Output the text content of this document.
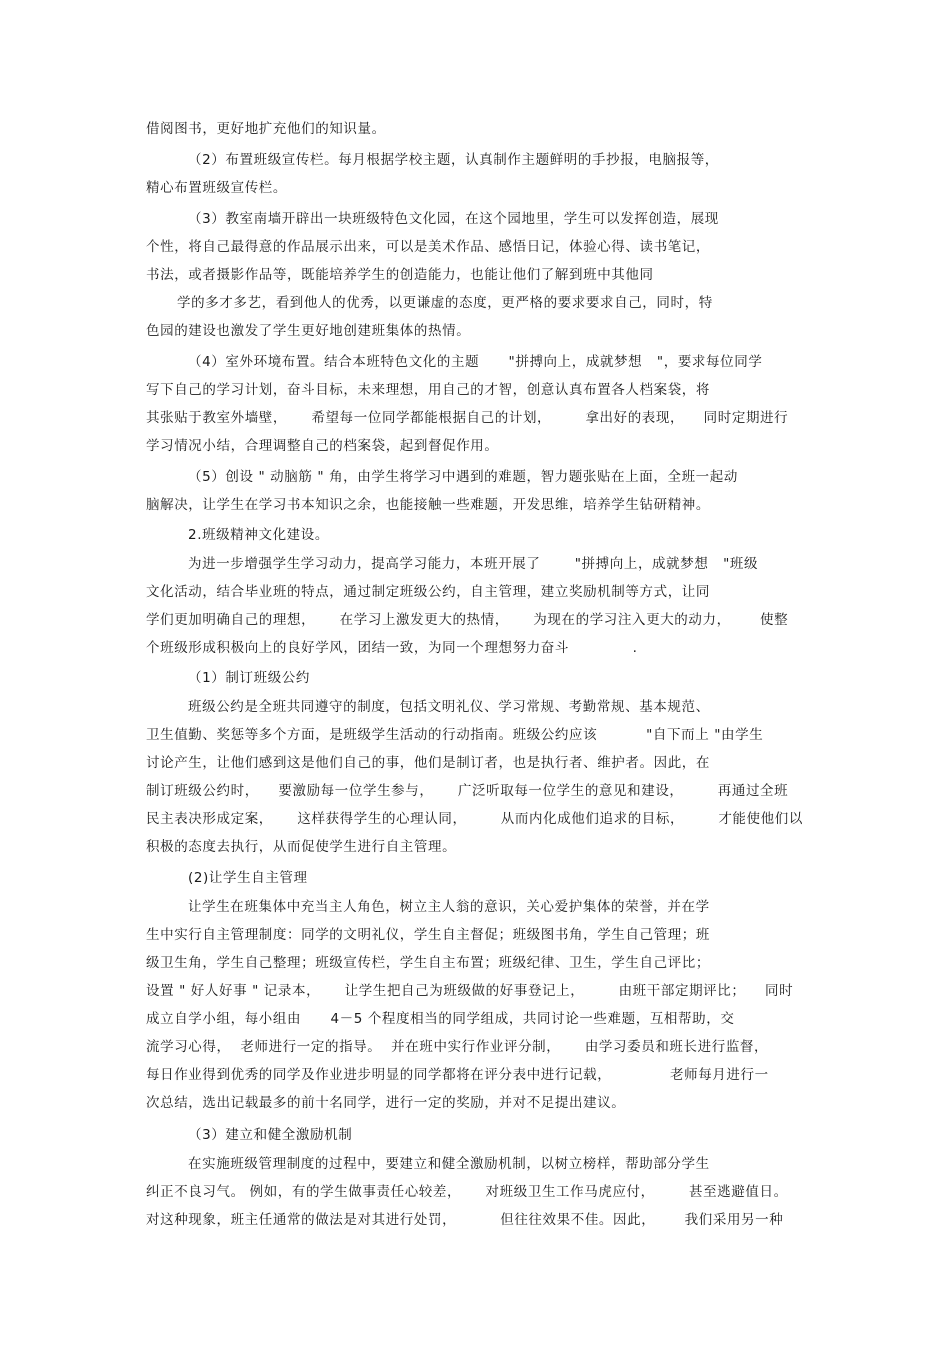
借阅图书，更好地扩充他们的知识量。
（2）布置班级宣传栏。每月根据学校主题，认真制作主题鲜明的手抄报，电脑报等，
精心布置班级宣传栏。
（3）教室南墙开辟出一块班级特色文化园，在这个园地里，学生可以发挥创造，展现
个性，将自己最得意的作品展示出来，可以是美术作品、感悟日记，体验心得、读书笔记，
书法，或者摄影作品等，既能培养学生的创造能力，也能让他们了解到班中其他同
学的多才多艺，看到他人的优秀，以更谦虚的态度，更严格的要求要求自己，同时，特
色园的建设也激发了学生更好地创建班集体的热情。
（4）室外环境布置。结合本班特色文化的主题      "拼搏向上，成就梦想   "，要求每位同学
写下自己的学习计划，奋斗目标，未来理想，用自己的才智，创意认真布置各人档案袋，将
其张贴于教室外墙壁，     希望每一位同学都能根据自己的计划，       拿出好的表现，    同时定期进行
学习情况小结，合理调整自己的档案袋，起到督促作用。
（5）创设 " 动脑筋 " 角，由学生将学习中遇到的难题，智力题张贴在上面，全班一起动
脑解决，让学生在学习书本知识之余，也能接触一些难题，开发思维，培养学生钻研精神。
2.班级精神文化建设。
为进一步增强学生学习动力，提高学习能力，本班开展了       "拼搏向上，成就梦想   "班级
文化活动，结合毕业班的特点，通过制定班级公约，自主管理，建立奖励机制等方式，让同
学们更加明确自己的理想，     在学习上激发更大的热情，     为现在的学习注入更大的动力，      使整
个班级形成积极向上的良好学风，团结一致，为同一个理想努力奋斗             .
（1）制订班级公约
班级公约是全班共同遵守的制度，包括文明礼仪、学习常规、考勤常规、基本规范、
卫生值勤、奖惩等多个方面，是班级学生活动的行动指南。班级公约应该          "自下而上 "由学生
讨论产生，让他们感到这是他们自己的事，他们是制订者，也是执行者、维护者。因此，在
制订班级公约时，    要激励每一位学生参与，     广泛听取每一位学生的意见和建设，       再通过全班
民主表决形成定案，     这样获得学生的心理认同，       从而内化成他们追求的目标，       才能使他们以
积极的态度去执行，从而促使学生进行自主管理。
(2)让学生自主管理
让学生在班集体中充当主人角色，树立主人翁的意识，关心爱护集体的荣誉，并在学
生中实行自主管理制度：同学的文明礼仪，学生自主督促；班级图书角，学生自己管理；班
级卫生角，学生自己整理；班级宣传栏，学生自主布置；班级纪律、卫生，学生自己评比；
设置 " 好人好事 " 记录本，     让学生把自己为班级做的好事登记上，       由班干部定期评比；    同时
成立自学小组，每小组由      4－5 个程度相当的同学组成，共同讨论一些难题，互相帮助，交
流学习心得，  老师进行一定的指导。  并在班中实行作业评分制，     由学习委员和班长进行监督，
每日作业得到优秀的同学及作业进步明显的同学都将在评分表中进行记载，            老师每月进行一
次总结，选出记载最多的前十名同学，进行一定的奖励，并对不足提出建议。
（3）建立和健全激励机制
在实施班级管理制度的过程中，要建立和健全激励机制，以树立榜样，帮助部分学生
纠正不良习气。 例如，有的学生做事责任心较差，     对班级卫生工作马虎应付，       甚至逃避值日。
对这种现象，班主任通常的做法是对其进行处罚，         但往往效果不佳。因此，      我们采用另一种
